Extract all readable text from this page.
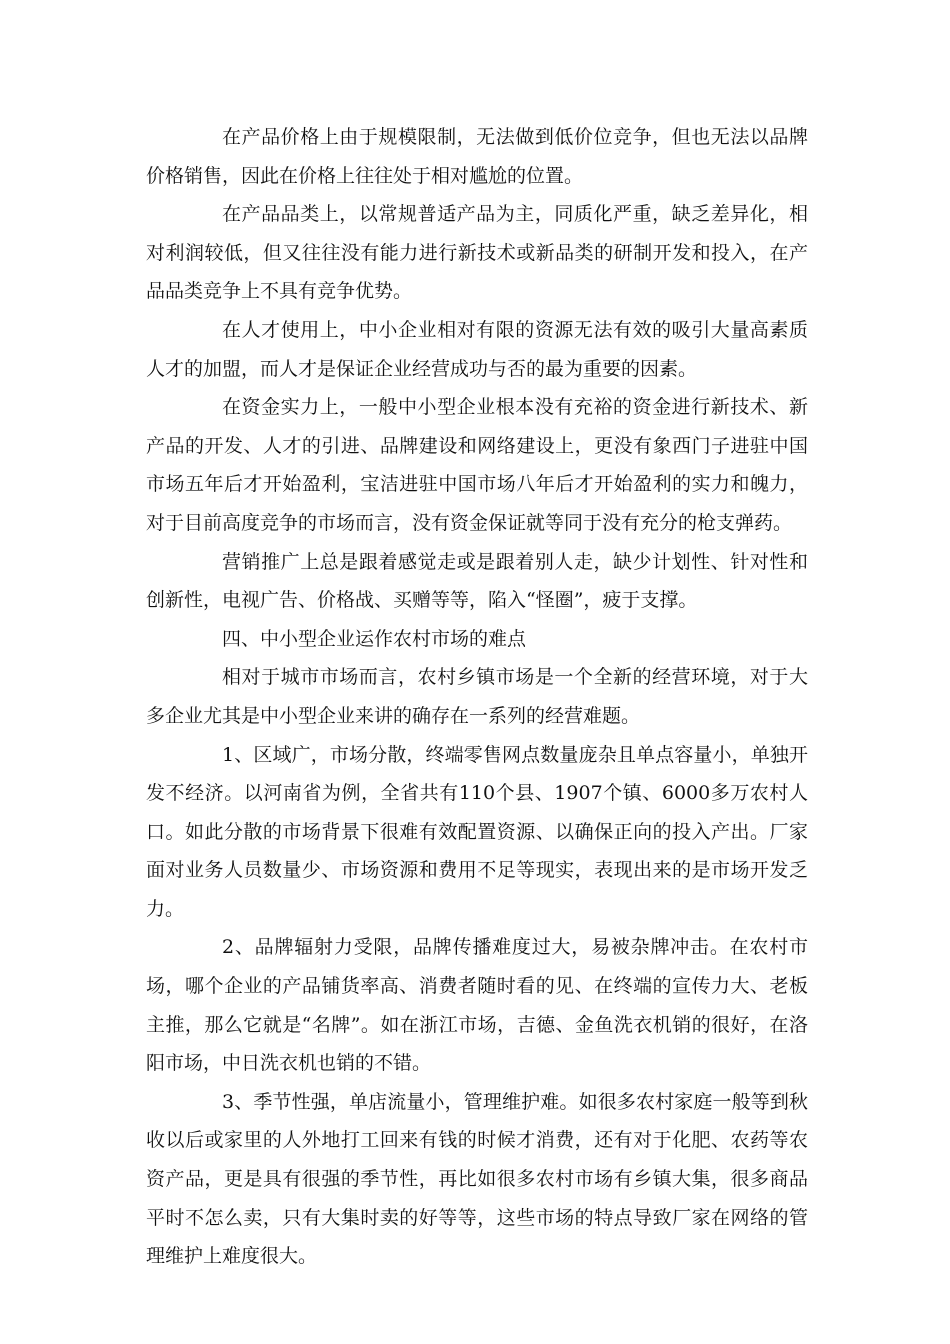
在产品价格上由于规模限制，无法做到低价位竞争，但也无法以品牌价格销售，因此在价格上往往处于相对尴尬的位置。

在产品品类上，以常规普适产品为主，同质化严重，缺乏差异化，相对利润较低，但又往往没有能力进行新技术或新品类的研制开发和投入，在产品品类竞争上不具有竞争优势。

在人才使用上，中小企业相对有限的资源无法有效的吸引大量高素质人才的加盟，而人才是保证企业经营成功与否的最为重要的因素。

在资金实力上，一般中小型企业根本没有充裕的资金进行新技术、新产品的开发、人才的引进、品牌建设和网络建设上，更没有象西门子进驻中国市场五年后才开始盈利，宝洁进驻中国市场八年后才开始盈利的实力和魄力，对于目前高度竞争的市场而言，没有资金保证就等同于没有充分的枪支弹药。

营销推广上总是跟着感觉走或是跟着别人走，缺少计划性、针对性和创新性，电视广告、价格战、买赠等等，陷入“怪圈”，疲于支撑。

四、中小型企业运作农村市场的难点

相对于城市市场而言，农村乡镇市场是一个全新的经营环境，对于大多企业尤其是中小型企业来讲的确存在一系列的经营难题。

1、区域广，市场分散，终端零售网点数量庞杂且单点容量小，单独开发不经济。以河南省为例，全省共有110个县、1907个镇、6000多万农村人口。如此分散的市场背景下很难有效配置资源、以确保正向的投入产出。厂家面对业务人员数量少、市场资源和费用不足等现实，表现出来的是市场开发乏力。

2、品牌辐射力受限，品牌传播难度过大，易被杂牌冲击。在农村市场，哪个企业的产品铺货率高、消费者随时看的见、在终端的宣传力大、老板主推，那么它就是“名牌”。如在浙江市场，吉德、金鱼洗衣机销的很好，在洛阳市场，中日洗衣机也销的不错。

3、季节性强，单店流量小，管理维护难。如很多农村家庭一般等到秋收以后或家里的人外地打工回来有钱的时候才消费，还有对于化肥、农药等农资产品，更是具有很强的季节性，再比如很多农村市场有乡镇大集，很多商品平时不怎么卖，只有大集时卖的好等等，这些市场的特点导致厂家在网络的管理维护上难度很大。
